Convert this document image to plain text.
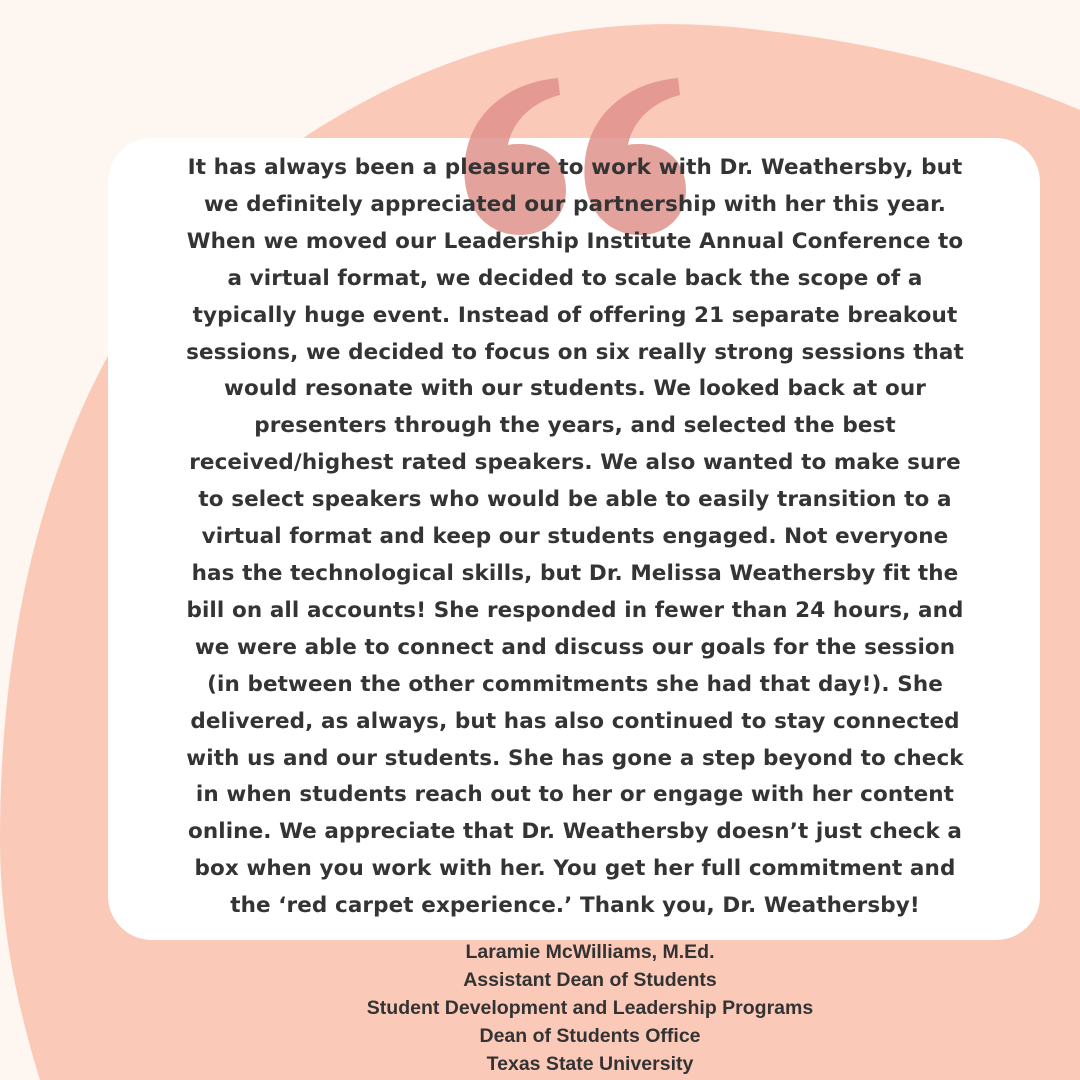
It has always been a pleasure to work with Dr. Weathersby, but we definitely appreciated our partnership with her this year. When we moved our Leadership Institute Annual Conference to a virtual format, we decided to scale back the scope of a typically huge event. Instead of offering 21 separate breakout sessions, we decided to focus on six really strong sessions that would resonate with our students. We looked back at our presenters through the years, and selected the best received/highest rated speakers. We also wanted to make sure to select speakers who would be able to easily transition to a virtual format and keep our students engaged. Not everyone has the technological skills, but Dr. Melissa Weathersby fit the bill on all accounts! She responded in fewer than 24 hours, and we were able to connect and discuss our goals for the session (in between the other commitments she had that day!). She delivered, as always, but has also continued to stay connected with us and our students. She has gone a step beyond to check in when students reach out to her or engage with her content online. We appreciate that Dr. Weathersby doesn’t just check a box when you work with her. You get her full commitment and the ‘red carpet experience.’ Thank you, Dr. Weathersby!

Laramie McWilliams, M.Ed.
Assistant Dean of Students
Student Development and Leadership Programs
Dean of Students Office
Texas State University
